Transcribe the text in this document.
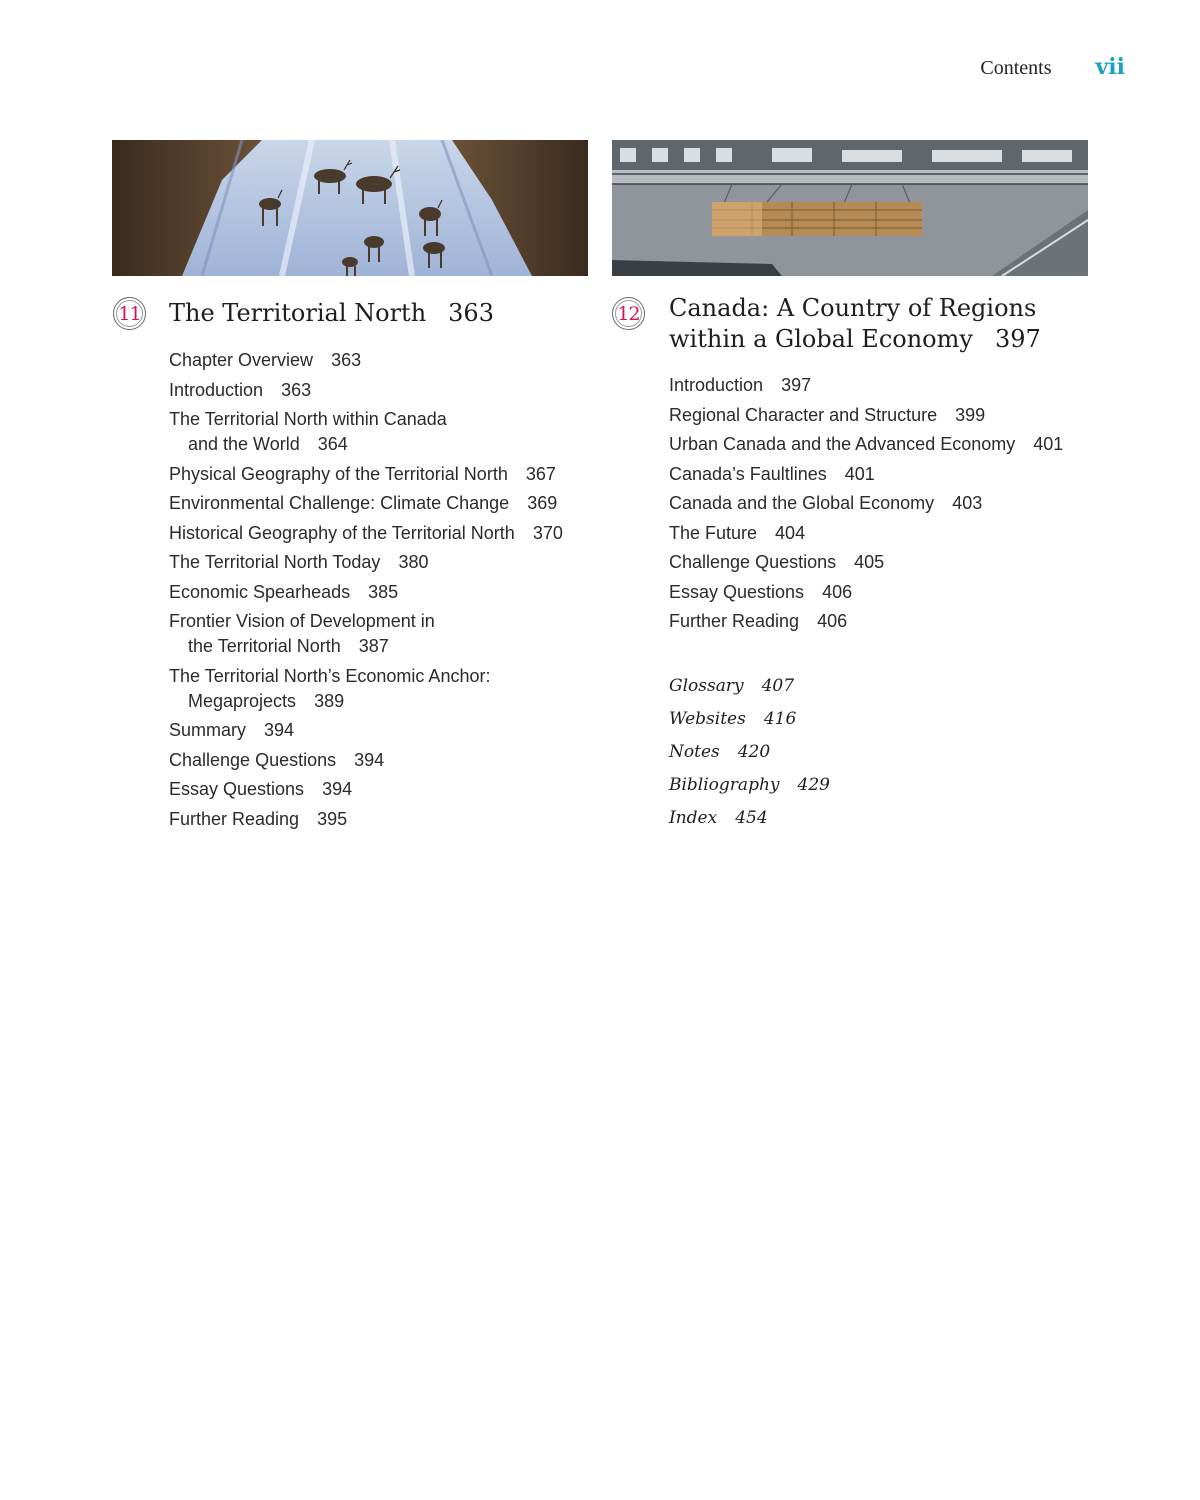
Contents vii
11 The Territorial North 363
Chapter Overview 363
Introduction 363
The Territorial North within Canada
and the World 364
Physical Geography of the Territorial North 367
Environmental Challenge: Climate Change 369
Historical Geography of the Territorial North 370
The Territorial North Today 380
Economic Spearheads 385
Frontier Vision of Development in
the Territorial North 387
The Territorial North’s Economic Anchor:
Megaprojects 389
Summary 394
Challenge Questions 394
Essay Questions 394
Further Reading 395
12 Canada: A Country of Regions
within a Global Economy 397
Introduction 397
Regional Character and Structure 399
Urban Canada and the Advanced Economy 401
Canada’s Faultlines 401
Canada and the Global Economy 403
The Future 404
Challenge Questions 405
Essay Questions 406
Further Reading 406
Glossary 407
Websites 416
Notes 420
Bibliography 429
Index 454
